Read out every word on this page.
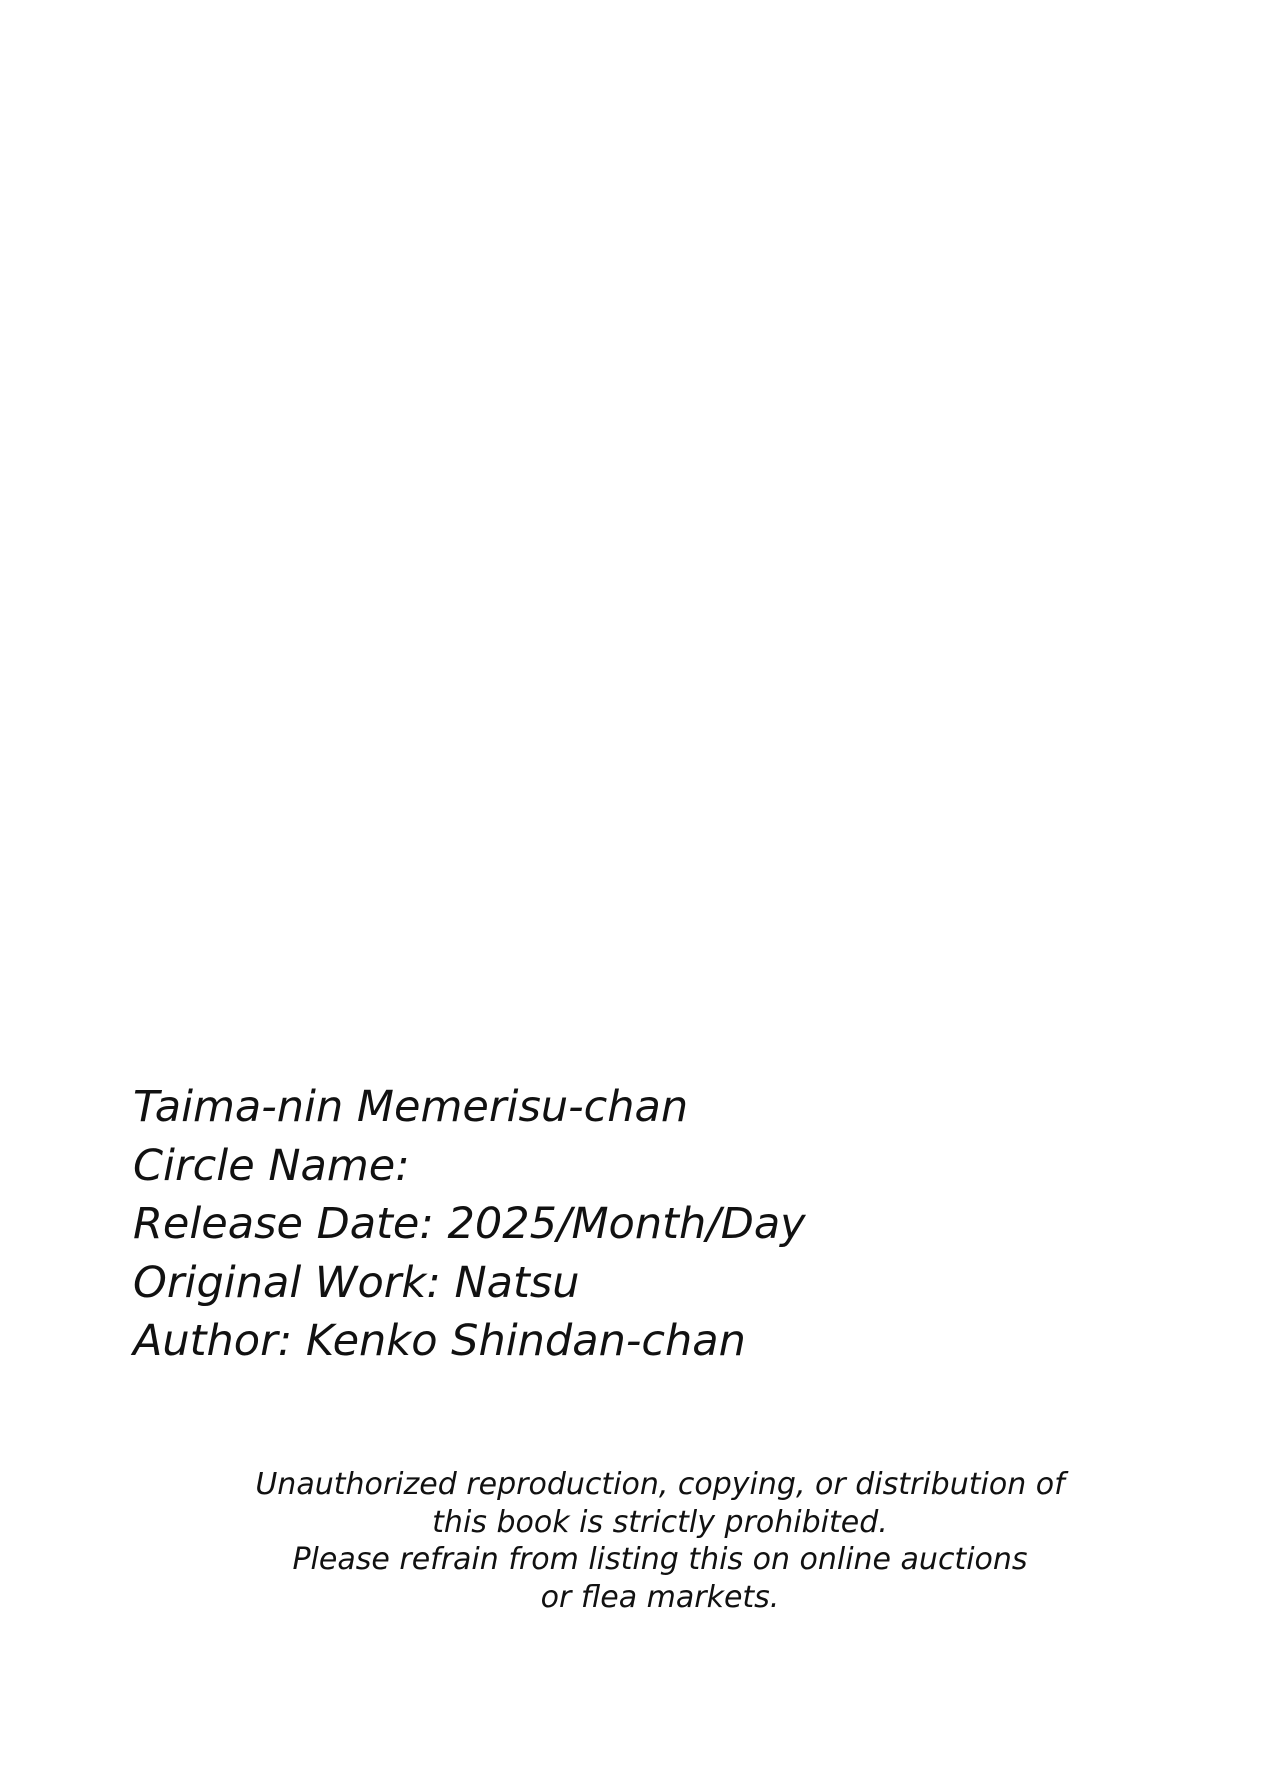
Taima-nin Memerisu-chan
Circle Name:
Release Date: 2025/Month/Day
Original Work: Natsu
Author: Kenko Shindan-chan
Unauthorized reproduction, copying, or distribution of
this book is strictly prohibited.
Please refrain from listing this on online auctions
or flea markets.
